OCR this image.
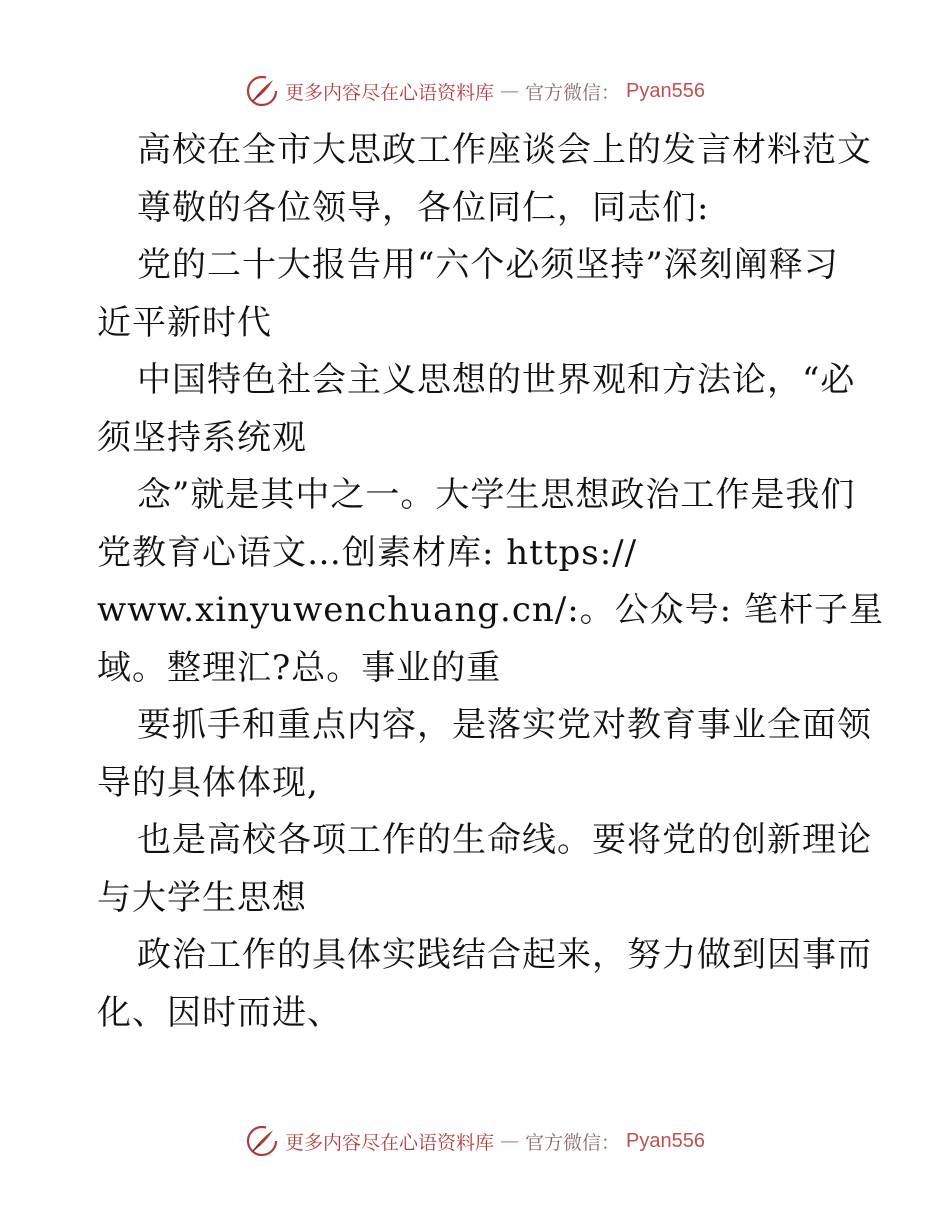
更多内容尽在心语资料库 — 官方微信： Pyan556
高校在全市大思政工作座谈会上的发言材料范文
尊敬的各位领导，各位同仁，同志们:
党的二十大报告用“六个必须坚持”深刻阐释习
近平新时代
中国特色社会主义思想的世界观和方法论，“必
须坚持系统观
念”就是其中之一。大学生思想政治工作是我们
党教育心语文…创素材库: https://
www.xinyuwenchuang.cn/:。公众号: 笔杆子星
域。整理汇?总。事业的重
要抓手和重点内容，是落实党对教育事业全面领
导的具体体现,
也是高校各项工作的生命线。要将党的创新理论
与大学生思想
政治工作的具体实践结合起来，努力做到因事而
化、因时而进、
更多内容尽在心语资料库 — 官方微信： Pyan556
